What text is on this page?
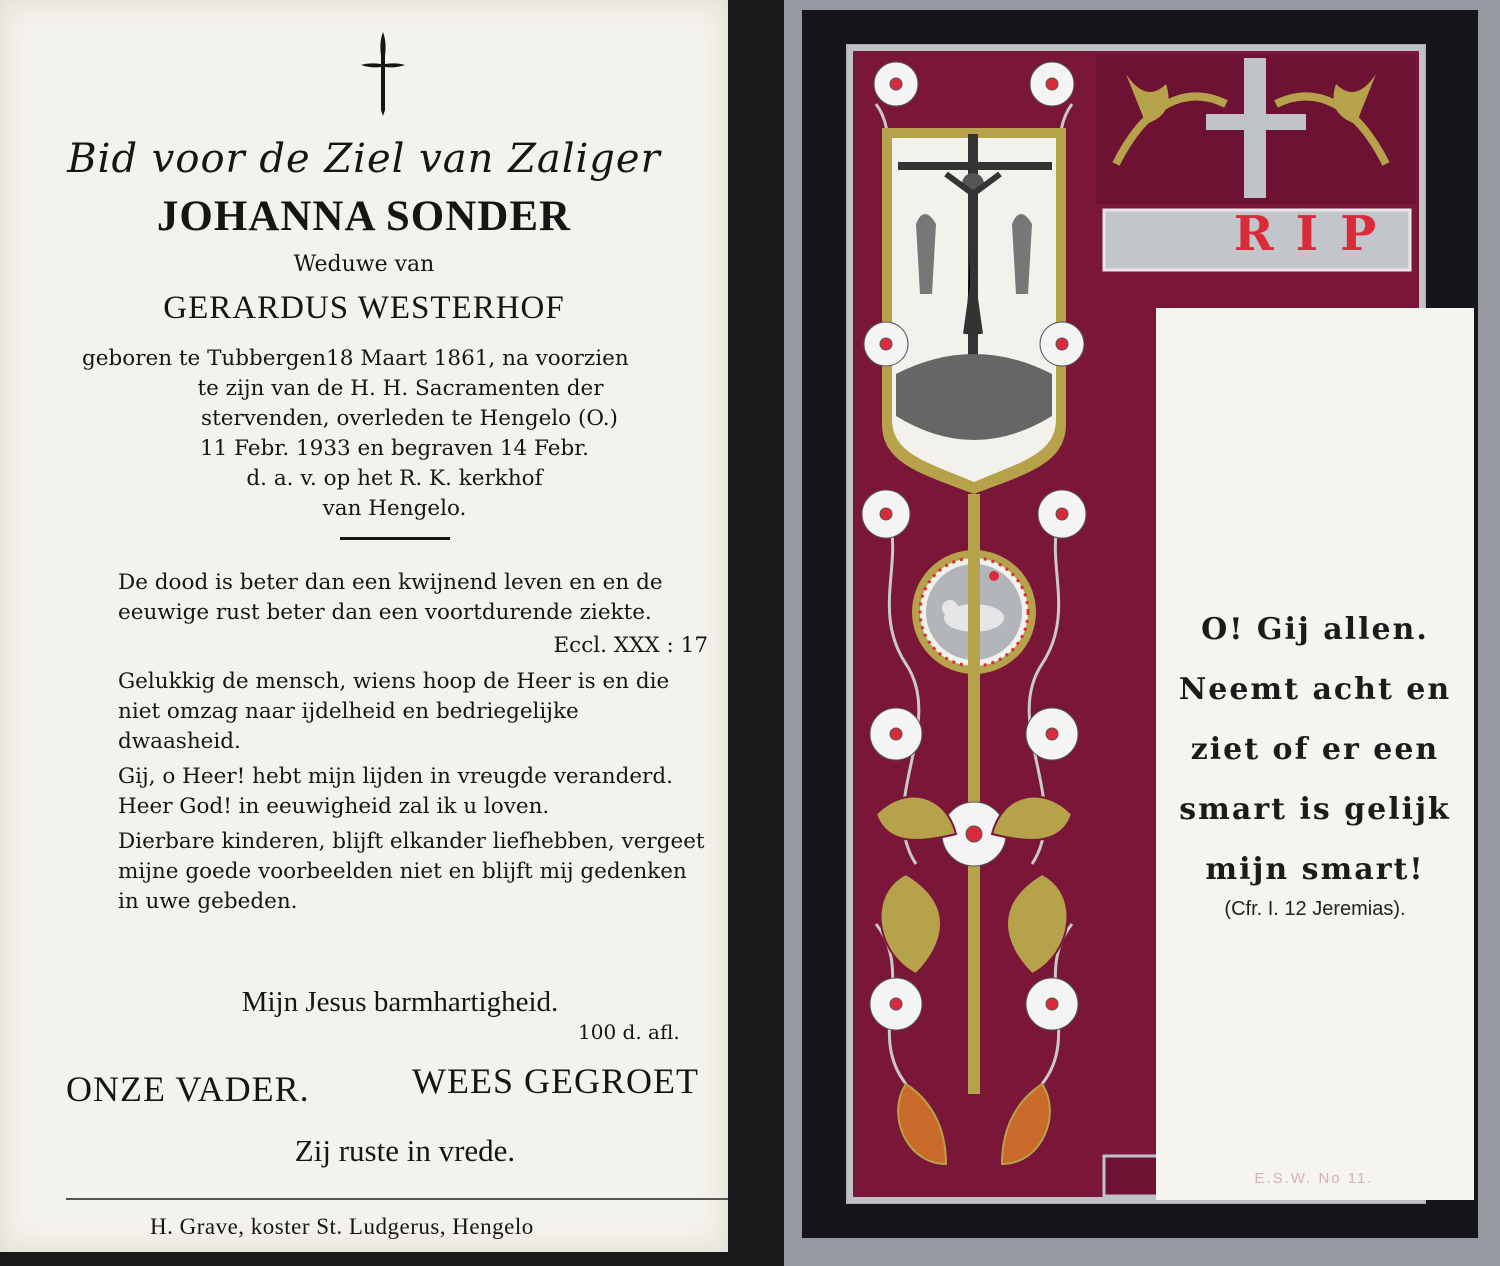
Bid voor de Ziel van Zaliger
JOHANNA SONDER
Weduwe van
GERARDUS WESTERHOF
geboren te Tubbergen18 Maart 1861, na voorzien
te zijn van de H. H. Sacramenten der
stervenden, overleden te Hengelo (O.)
11 Febr. 1933 en begraven 14 Febr.
d. a. v. op het R. K. kerkhof
van Hengelo.
De dood is beter dan een kwijnend leven en en de eeuwige rust beter dan een voortdurende ziekte.
Eccl. XXX : 17
Gelukkig de mensch, wiens hoop de Heer is en die niet omzag naar ijdelheid en bedriegelijke dwaasheid.
Gij, o Heer! hebt mijn lijden in vreugde veranderd. Heer God! in eeuwigheid zal ik u loven.
Dierbare kinderen, blijft elkander liefhebben, vergeet mijne goede voorbeelden niet en blijft mij gedenken in uwe gebeden.
Mijn Jesus barmhartigheid.
100 d. afl.
ONZE VADER.	WEES GEGROET
Zij ruste in vrede.
H. Grave, koster St. Ludgerus, Hengelo
O! Gij allen.
Neemt acht en
ziet of er een
smart is gelijk
mijn smart!
(Cfr. I. 12 Jeremias).
RIP
E.S.W. No 11.
